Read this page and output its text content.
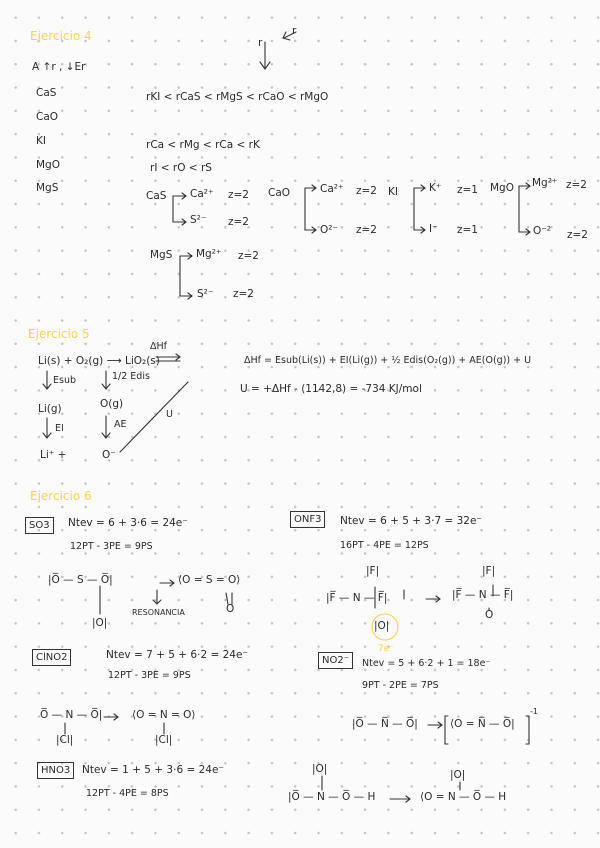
Ejercicio 4	r
r
A ↑r , ↓Er
CaS
CaO
KI
MgO
MgS
rKI < rCaS < rMgS < rCaO < rMgO
rCa < rMg < rCa < rK
rI < rO < rS
CaS Ca²⁺ z=2
S²⁻ z=2
CaO	Ca²⁺ z=2
O²⁻ z=2
KI	K⁺ z=1
I⁻ z=1
MgO Mg²⁺ z=2
O⁻² z=2
MgS Mg²⁺ z=2
S²⁻ z=2
Ejercicio 5
ΔHf
Li(s) + O₂(g) ⟶ LiO₂(s)
Esub	1/2 Edis
Li(g)	O(g)
EI	AE
U
Li⁺ +	O⁻
ΔHf = Esub(Li(s)) + EI(Li(g)) + ½ Edis(O₂(g)) + AE(O(g)) + U
U = +ΔHf - (1142,8) = -734 KJ/mol
Ejercicio 6
SO3	Ntev = 6 + 3·6 = 24e⁻
12PT - 3PE = 9PS
|O̅ — S — O̅|	⟨O = S = O⟩
|O|
O
RESONANCIA
ONF3	Ntev = 6 + 5 + 3·7 = 32e⁻
16PT - 4PE = 12PS
|F|	|F|
|F̅ — N — F̅|	|F̅ — N — F̅|
|O|
O
7e⁻
ClNO2	Ntev = 7 + 5 + 6·2 = 24e⁻
12PT - 3PE = 9PS
O̅ — N — O̅|	⟨O = N = O⟩
|Cl|	|Cl|
NO2⁻	Ntev = 5 + 6·2 + 1 = 18e⁻
9PT - 2PE = 7PS
|O̅ — N̅ — O̅|	⟨O = N̅ — O̅|
-1
HNO3	Ntev = 1 + 5 + 3·6 = 24e⁻
12PT - 4PE = 8PS
|O|
|O̅ — N — O̅ — H
|O|
⟨O = N — O̅ — H
